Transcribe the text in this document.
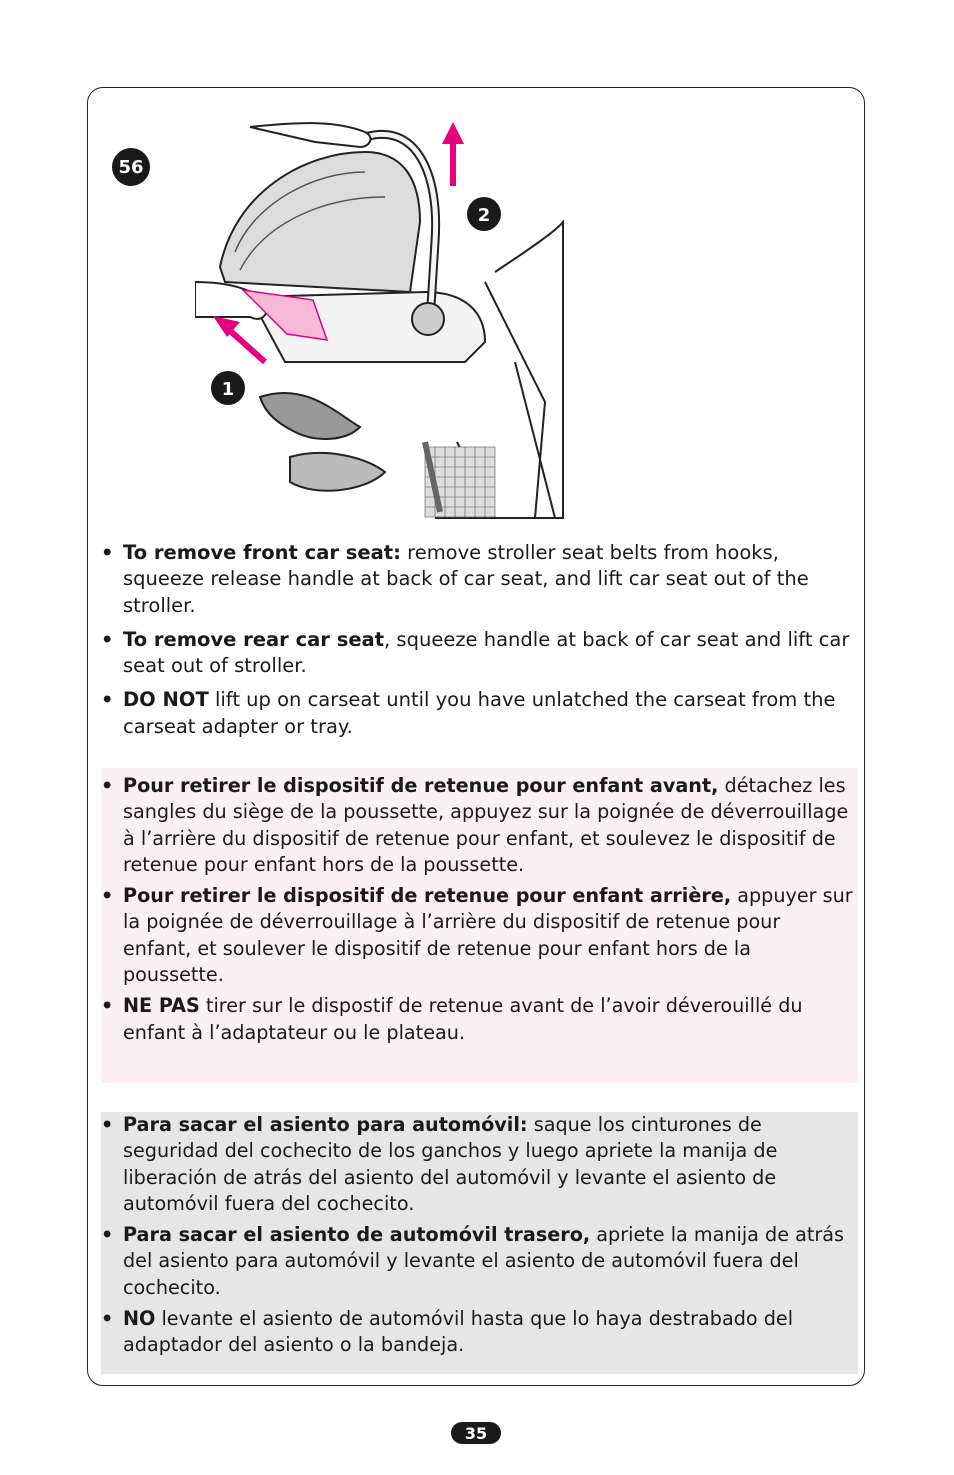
56
1
2
• To remove front car seat: remove stroller seat belts from hooks, squeeze release handle at back of car seat, and lift car seat out of the stroller.
• To remove rear car seat, squeeze handle at back of car seat and lift car seat out of stroller.
• DO NOT lift up on carseat until you have unlatched the carseat from the carseat adapter or tray.
• Pour retirer le dispositif de retenue pour enfant avant, détachez les sangles du siège de la poussette, appuyez sur la poignée de déverrouillage à l’arrière du dispositif de retenue pour enfant, et soulevez le dispositif de retenue pour enfant hors de la poussette.
• Pour retirer le dispositif de retenue pour enfant arrière, appuyer sur la poignée de déverrouillage à l’arrière du dispositif de retenue pour enfant, et soulever le dispositif de retenue pour enfant hors de la poussette.
• NE PAS tirer sur le dispostif de retenue avant de l’avoir déverouillé du enfant à l’adaptateur ou le plateau.
• Para sacar el asiento para automóvil: saque los cinturones de seguridad del cochecito de los ganchos y luego apriete la manija de liberación de atrás del asiento del automóvil y levante el asiento de automóvil fuera del cochecito.
• Para sacar el asiento de automóvil trasero, apriete la manija de atrás del asiento para automóvil y levante el asiento de automóvil fuera del cochecito.
• NO levante el asiento de automóvil hasta que lo haya destrabado del adaptador del asiento o la bandeja.
35
